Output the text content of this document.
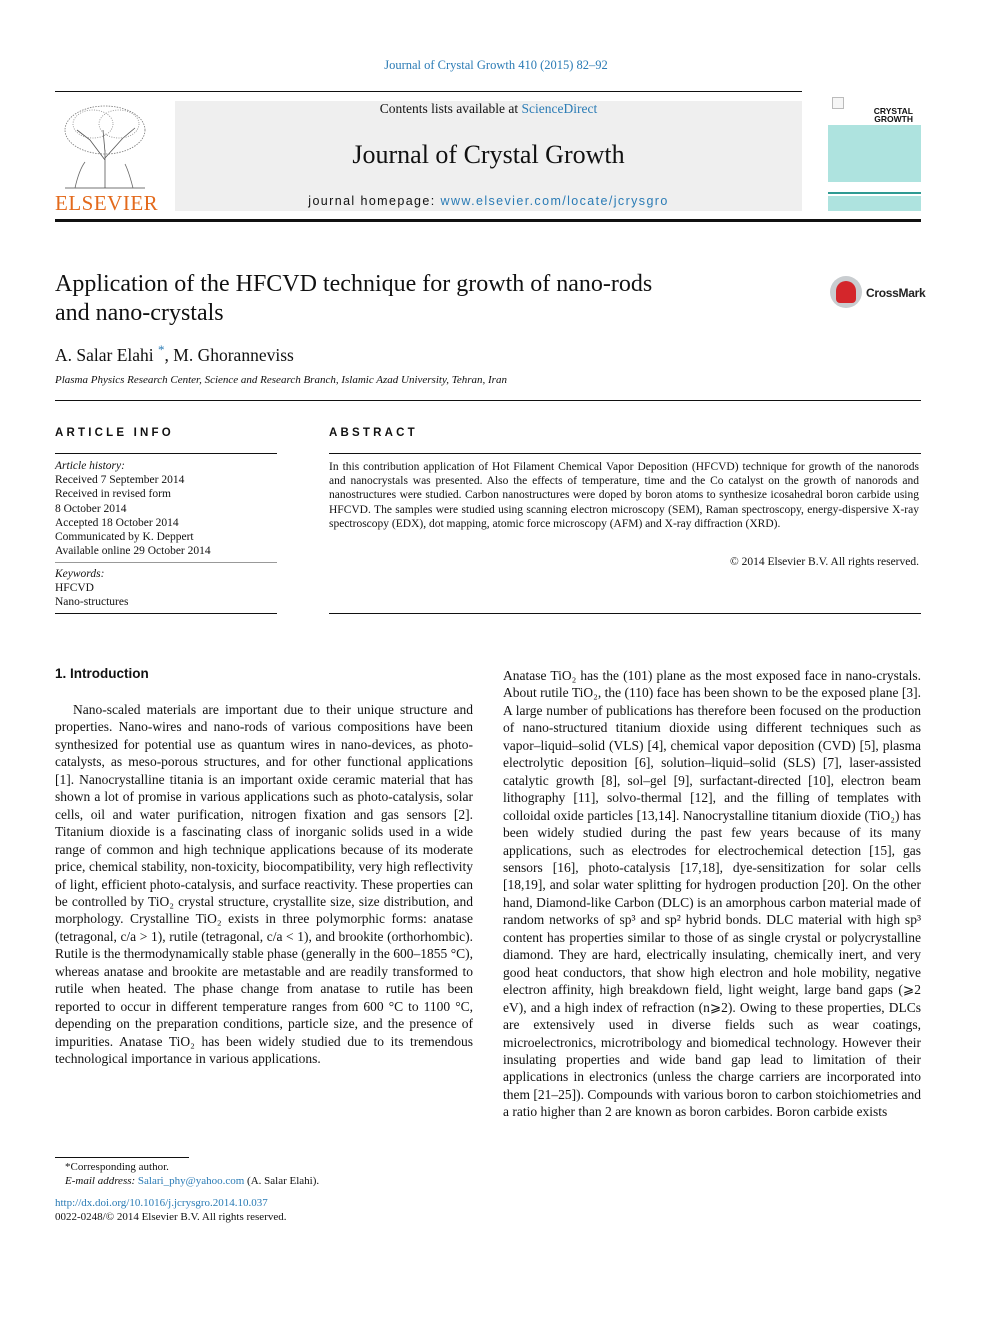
Journal of Crystal Growth 410 (2015) 82–92
ELSEVIER
Contents lists available at ScienceDirect
Journal of Crystal Growth
journal homepage: www.elsevier.com/locate/jcrysgro
CRYSTAL GROWTH
Application of the HFCVD technique for growth of nano-rods
and nano-crystals
CrossMark
A. Salar Elahi *, M. Ghoranneviss
Plasma Physics Research Center, Science and Research Branch, Islamic Azad University, Tehran, Iran
ARTICLE INFO
Article history:
Received 7 September 2014
Received in revised form
8 October 2014
Accepted 18 October 2014
Communicated by K. Deppert
Available online 29 October 2014
Keywords:
HFCVD
Nano-structures
ABSTRACT
In this contribution application of Hot Filament Chemical Vapor Deposition (HFCVD) technique for growth of the nanorods and nanocrystals was presented. Also the effects of temperature, time and the Co catalyst on the growth of nanorods and nanostructures were studied. Carbon nanostructures were doped by boron atoms to synthesize icosahedral boron carbide using HFCVD. The samples were studied using scanning electron microscopy (SEM), Raman spectroscopy, energy-dispersive X-ray spectroscopy (EDX), dot mapping, atomic force microscopy (AFM) and X-ray diffraction (XRD).
© 2014 Elsevier B.V. All rights reserved.
1. Introduction

Nano-scaled materials are important due to their unique structure and properties. Nano-wires and nano-rods of various compositions have been synthesized for potential use as quantum wires in nano-devices, as photo-catalysts, as meso-porous structures, and for other functional applications [1]. Nanocrystalline titania is an important oxide ceramic material that has shown a lot of promise in various applications such as photo-catalysis, solar cells, oil and water purification, nitrogen fixation and gas sensors [2]. Titanium dioxide is a fascinating class of inorganic solids used in a wide range of common and high technique applications because of its moderate price, chemical stability, non-toxicity, biocompatibility, very high reflectivity of light, efficient photo-catalysis, and surface reactivity. These properties can be controlled by TiO₂ crystal structure, crystallite size, size distribution, and morphology. Crystalline TiO₂ exists in three polymorphic forms: anatase (tetragonal, c/a > 1), rutile (tetragonal, c/a < 1), and brookite (orthorhombic). Rutile is the thermodynamically stable phase (generally in the 600–1855 °C), whereas anatase and brookite are metastable and are readily transformed to rutile when heated. The phase change from anatase to rutile has been reported to occur in different temperature ranges from 600 °C to 1100 °C, depending on the preparation conditions, particle size, and the presence of impurities. Anatase TiO₂ has been widely studied due to its tremendous technological importance in various applications.

Anatase TiO₂ has the (101) plane as the most exposed face in nano-crystals. About rutile TiO₂, the (110) face has been shown to be the exposed plane [3]. A large number of publications has therefore been focused on the production of nano-structured titanium dioxide using different techniques such as vapor–liquid–solid (VLS) [4], chemical vapor deposition (CVD) [5], plasma electrolytic deposition [6], solution–liquid–solid (SLS) [7], laser-assisted catalytic growth [8], sol–gel [9], surfactant-directed [10], electron beam lithography [11], solvo-thermal [12], and the filling of templates with colloidal oxide particles [13,14]. Nanocrystalline titanium dioxide (TiO₂) has been widely studied during the past few years because of its many applications, such as electrodes for electrochemical detection [15], gas sensors [16], photo-catalysis [17,18], dye-sensitization for solar cells [18,19], and solar water splitting for hydrogen production [20]. On the other hand, Diamond-like Carbon (DLC) is an amorphous carbon material made of random networks of sp³ and sp² hybrid bonds. DLC material with high sp³ content has properties similar to those of as single crystal or polycrystalline diamond. They are hard, electrically insulating, chemically inert, and very good heat conductors, that show high electron and hole mobility, negative electron affinity, high breakdown field, light weight, large band gaps (⩾2 eV), and a high index of refraction (n⩾2). Owing to these properties, DLCs are extensively used in diverse fields such as wear coatings, microelectronics, microtribology and biomedical technology. However their insulating properties and wide band gap lead to limitation of their applications in electronics (unless the charge carriers are incorporated into them [21–25]). Compounds with various boron to carbon stoichiometries and a ratio higher than 2 are known as boron carbides. Boron carbide exists

*Corresponding author.
E-mail address: Salari_phy@yahoo.com (A. Salar Elahi).
http://dx.doi.org/10.1016/j.jcrysgro.2014.10.037
0022-0248/© 2014 Elsevier B.V. All rights reserved.
